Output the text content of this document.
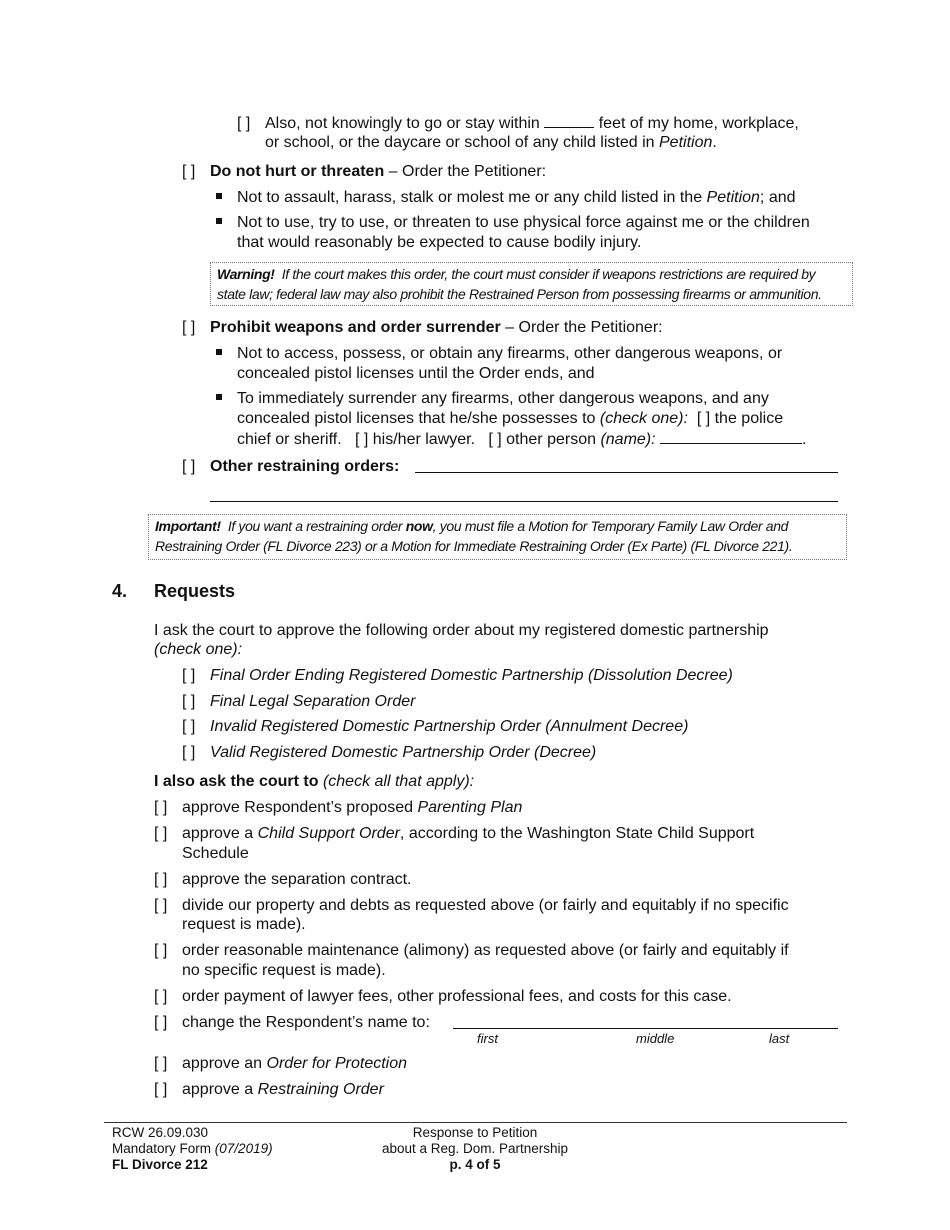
[ ] Also, not knowingly to go or stay within	feet of my home, workplace,
or school, or the daycare or school of any child listed in Petition.
[ ] Do not hurt or threaten – Order the Petitioner:
Not to assault, harass, stalk or molest me or any child listed in the Petition; and
Not to use, try to use, or threaten to use physical force against me or the children
that would reasonably be expected to cause bodily injury.
Warning! If the court makes this order, the court must consider if weapons restrictions are required by
state law; federal law may also prohibit the Restrained Person from possessing firearms or ammunition.
[ ] Prohibit weapons and order surrender – Order the Petitioner:
Not to access, possess, or obtain any firearms, other dangerous weapons, or
concealed pistol licenses until the Order ends, and
To immediately surrender any firearms, other dangerous weapons, and any
concealed pistol licenses that he/she possesses to (check one): [ ] the police
chief or sheriff. [ ] his/her lawyer. [ ] other person (name):	.
[ ] Other restraining orders:
Important! If you want a restraining order now, you must file a Motion for Temporary Family Law Order and
Restraining Order (FL Divorce 223) or a Motion for Immediate Restraining Order (Ex Parte) (FL Divorce 221).
4. Requests
I ask the court to approve the following order about my registered domestic partnership
(check one):
[ ] Final Order Ending Registered Domestic Partnership (Dissolution Decree)
[ ] Final Legal Separation Order
[ ] Invalid Registered Domestic Partnership Order (Annulment Decree)
[ ] Valid Registered Domestic Partnership Order (Decree)
I also ask the court to (check all that apply):
[ ] approve Respondent’s proposed Parenting Plan
[ ] approve a Child Support Order, according to the Washington State Child Support
Schedule
[ ] approve the separation contract.
[ ] divide our property and debts as requested above (or fairly and equitably if no specific
request is made).
[ ] order reasonable maintenance (alimony) as requested above (or fairly and equitably if
no specific request is made).
[ ] order payment of lawyer fees, other professional fees, and costs for this case.
[ ] change the Respondent’s name to:
first	middle	last
[ ] approve an Order for Protection
[ ] approve a Restraining Order
RCW 26.09.030
Mandatory Form (07/2019)
FL Divorce 212
Response to Petition
about a Reg. Dom. Partnership
p. 4 of 5
